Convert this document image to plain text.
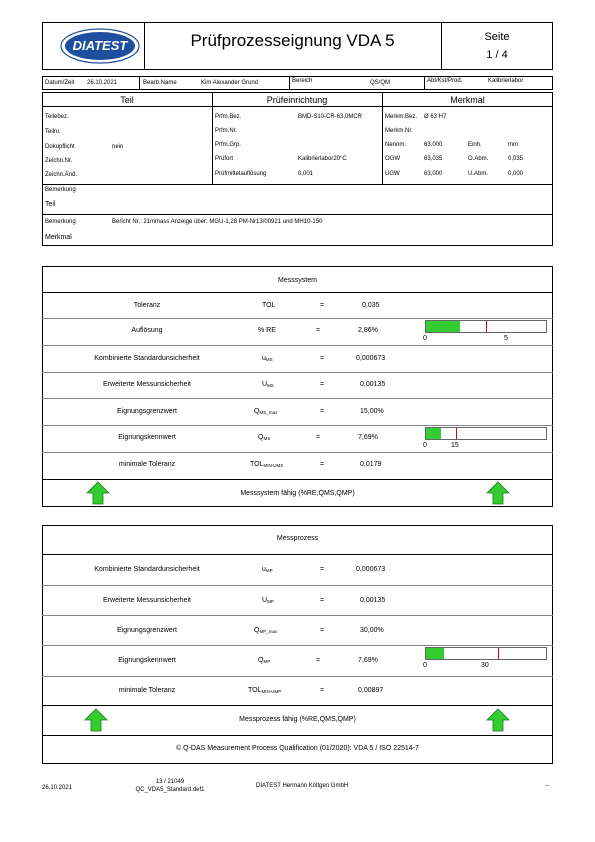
DIATEST	Prüfprozesseignung VDA 5	Seite
1 / 4
Datum/Zeit 26.10.2021	Bearb.Name	Kim Alexander Grund	Bereich	QS/QM	Abt/Kst/Prod.	Kalibrierlabor
Teil	Prüfeinrichtung	Merkmal
Teilebez.
Teilnr.
Dokupflicht	nein
Zeichn.Nr.
Zeichn.Änd.
Prfm.Bez.	BMD-S10-CR-63,0MCR
Prfm.Nr.
Prfm.Grp.
Prüfort	Kalibrierlabor20°C
Prüfmittelauflösung	0,001
Merkm.Bez. Ø 63 H7
Merkm.Nr.
Nennm.	63,000	Einh.	mm
OGW	63,035	O.Abm.	0,035
UGW	63,000	U.Abm.	0,000
Bemerkung
Teil
Bemerkung	Bericht Nr.: 21mmass Anzeige über: MGU-1,28 PM-Nr13/00921 und MH10-150
Merkmal
Messsystem
Toleranz	TOL	=	0,035
Auflösung	% RE	=	2,86%
Kombinierte Standardunsicherheit	$u_{MS}$	=	0,000673
Erweiterte Messunsicherheit	$U_{MS}$	=	0,00135
Eignungsgrenzwert	$Q_{MS\_max}$	=	15,00%
Eignungskennwert	$Q_{MS}$	=	7,69%
minimale Toleranz	$TOL_{MIN-UMS}$	=	0,0179
0	5
0	15
Messsystem fähig (%RE,QMS,QMP)
Messprozess
Kombinierte Standardunsicherheit	$u_{MP}$	=	0,000673
Erweiterte Messunsicherheit	$U_{MP}$	=	0,00135
Eignungsgrenzwert	$Q_{MP\_max}$	=	30,00%
Eignungskennwert	$Q_{MP}$	=	7,69%
minimale Toleranz	$TOL_{MIN-UMP}$	=	0,00897
0	30
Messprozess fähig (%RE,QMS,QMP)
© Q-DAS Measurement Process Qualification (01/2020): VDA 5 / ISO 22514-7
26.10.2021
13 / 21049
QC_VDA5_Standard.def1
DIATEST Hermann Költgen GmbH	--
